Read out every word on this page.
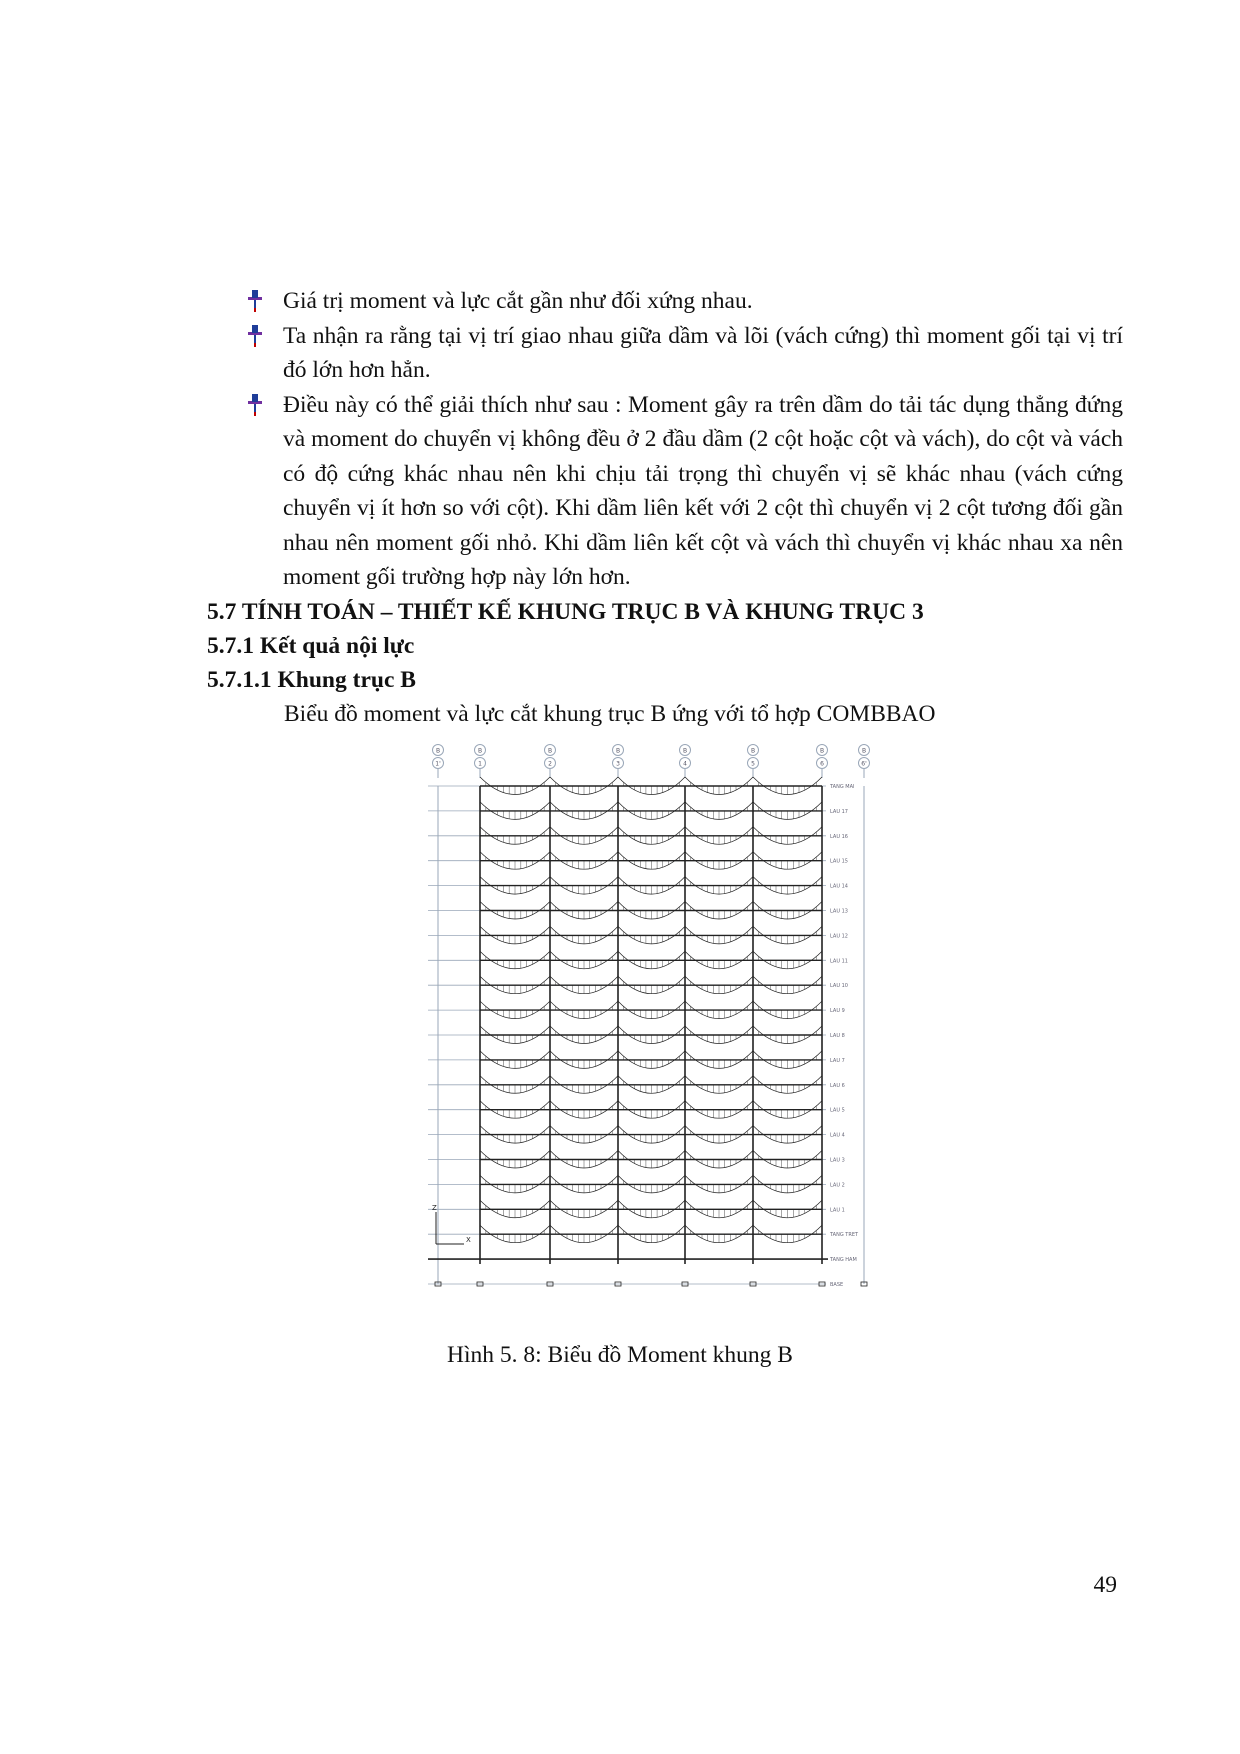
Giá trị moment và lực cắt gần như đối xứng nhau.
Ta nhận ra rằng tại vị trí giao nhau giữa dầm và lõi (vách cứng) thì moment gối tại vị trí đó lớn hơn hẳn.
Điều này có thể giải thích như sau : Moment gây ra trên dầm do tải tác dụng thẳng đứng và moment do chuyển vị không đều ở 2 đầu dầm (2 cột hoặc cột và vách), do cột và vách có độ cứng khác nhau nên khi chịu tải trọng thì chuyển vị sẽ khác nhau (vách cứng chuyển vị ít hơn so với cột). Khi dầm liên kết với 2 cột thì chuyển vị 2 cột tương đối gần nhau nên moment gối nhỏ. Khi dầm liên kết cột và vách thì chuyển vị khác nhau xa nên moment gối trường hợp này lớn hơn.
5.7 TÍNH TOÁN – THIẾT KẾ KHUNG TRỤC B VÀ KHUNG TRỤC 3
5.7.1 Kết quả nội lực
5.7.1.1 Khung trục B
Biểu đồ moment và lực cắt khung trục B ứng với tổ hợp COMBBAO
B
1'
B
1
B
2
B
3
B
4
B
5
B
6
B
6'
TANG MAI
LAU 17
LAU 16
LAU 15
LAU 14
LAU 13
LAU 12
LAU 11
LAU 10
LAU 9
LAU 8
LAU 7
LAU 6
LAU 5
LAU 4
LAU 3
LAU 2
LAU 1
TANG TRET
TANG HAM
BASE
Z
X
Hình 5. 8: Biểu đồ Moment khung B
49
